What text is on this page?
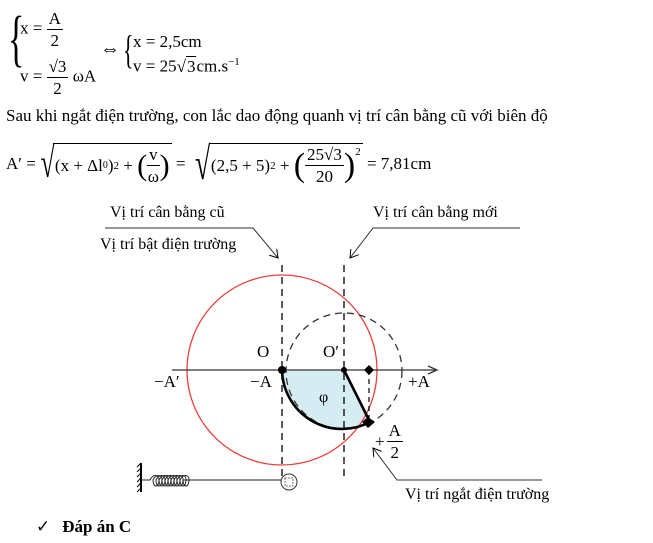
{
$x = \frac{A}{2}$
$v = \frac{√3}{2}$ ωA
⇔ { x = 2,5cm
$v = 25√3cm.s^{-1}$
Sau khi ngắt điện trường, con lắc dao động quanh vị trí cân bằng cũ với biên độ
A′ = √ (x + Δl 0 ) 2 + ( $\frac{v}{\omega}$ ) = √ (2,5 + 5) 2 + ( $\frac{25√3}{20} )^2$
= 7,81cm
Vị trí cân bằng cũ
Vị trí bật điện trường
Vị trí cân bằng mới
Vị trí ngắt điện trường
O	O′
−A′	−A	+A
φ
+ $\frac{A}{2}$
✓ Đáp án C
